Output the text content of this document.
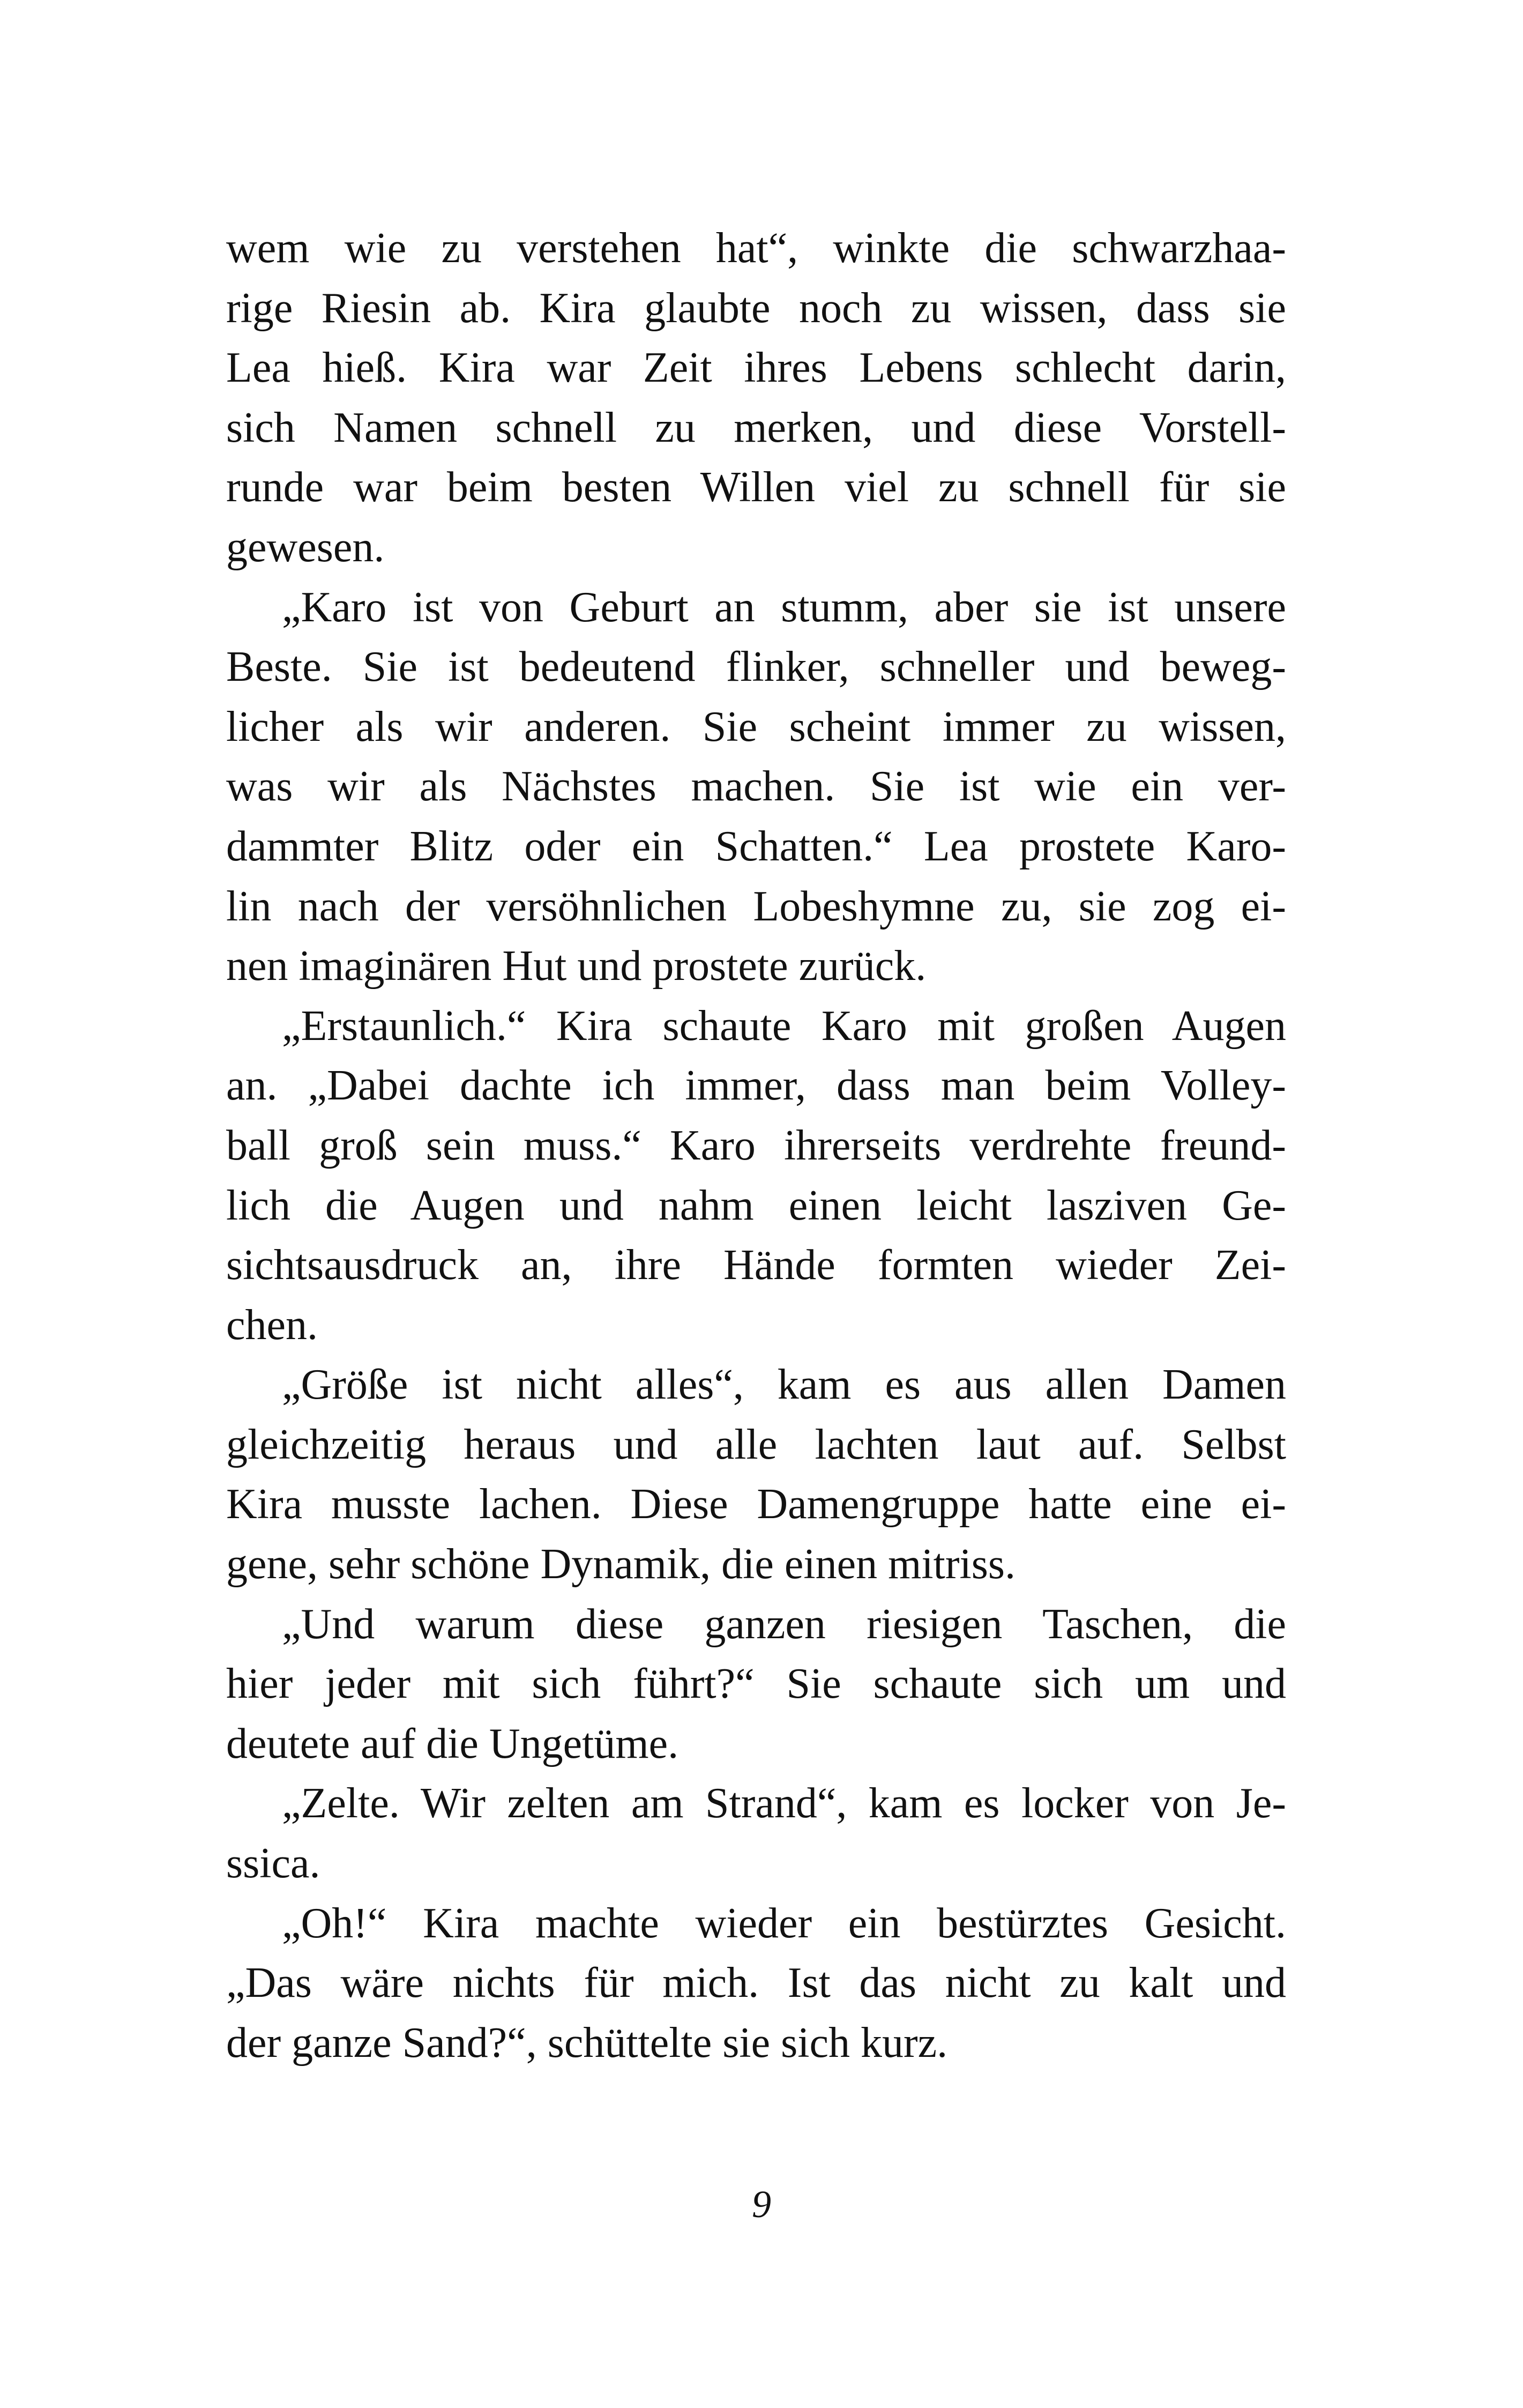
wem wie zu verstehen hat“, winkte die schwarzhaa-
rige Riesin ab. Kira glaubte noch zu wissen, dass sie
Lea hieß. Kira war Zeit ihres Lebens schlecht darin,
sich Namen schnell zu merken, und diese Vorstell-
runde war beim besten Willen viel zu schnell für sie
gewesen.
„Karo ist von Geburt an stumm, aber sie ist unsere
Beste. Sie ist bedeutend flinker, schneller und beweg-
licher als wir anderen. Sie scheint immer zu wissen,
was wir als Nächstes machen. Sie ist wie ein ver-
dammter Blitz oder ein Schatten.“ Lea prostete Karo-
lin nach der versöhnlichen Lobeshymne zu, sie zog ei-
nen imaginären Hut und prostete zurück.
„Erstaunlich.“ Kira schaute Karo mit großen Augen
an. „Dabei dachte ich immer, dass man beim Volley-
ball groß sein muss.“ Karo ihrerseits verdrehte freund-
lich die Augen und nahm einen leicht lasziven Ge-
sichtsausdruck an, ihre Hände formten wieder Zei-
chen.
„Größe ist nicht alles“, kam es aus allen Damen
gleichzeitig heraus und alle lachten laut auf. Selbst
Kira musste lachen. Diese Damengruppe hatte eine ei-
gene, sehr schöne Dynamik, die einen mitriss.
„Und warum diese ganzen riesigen Taschen, die
hier jeder mit sich führt?“ Sie schaute sich um und
deutete auf die Ungetüme.
„Zelte. Wir zelten am Strand“, kam es locker von Je-
ssica.
„Oh!“ Kira machte wieder ein bestürztes Gesicht.
„Das wäre nichts für mich. Ist das nicht zu kalt und
der ganze Sand?“, schüttelte sie sich kurz.
9
